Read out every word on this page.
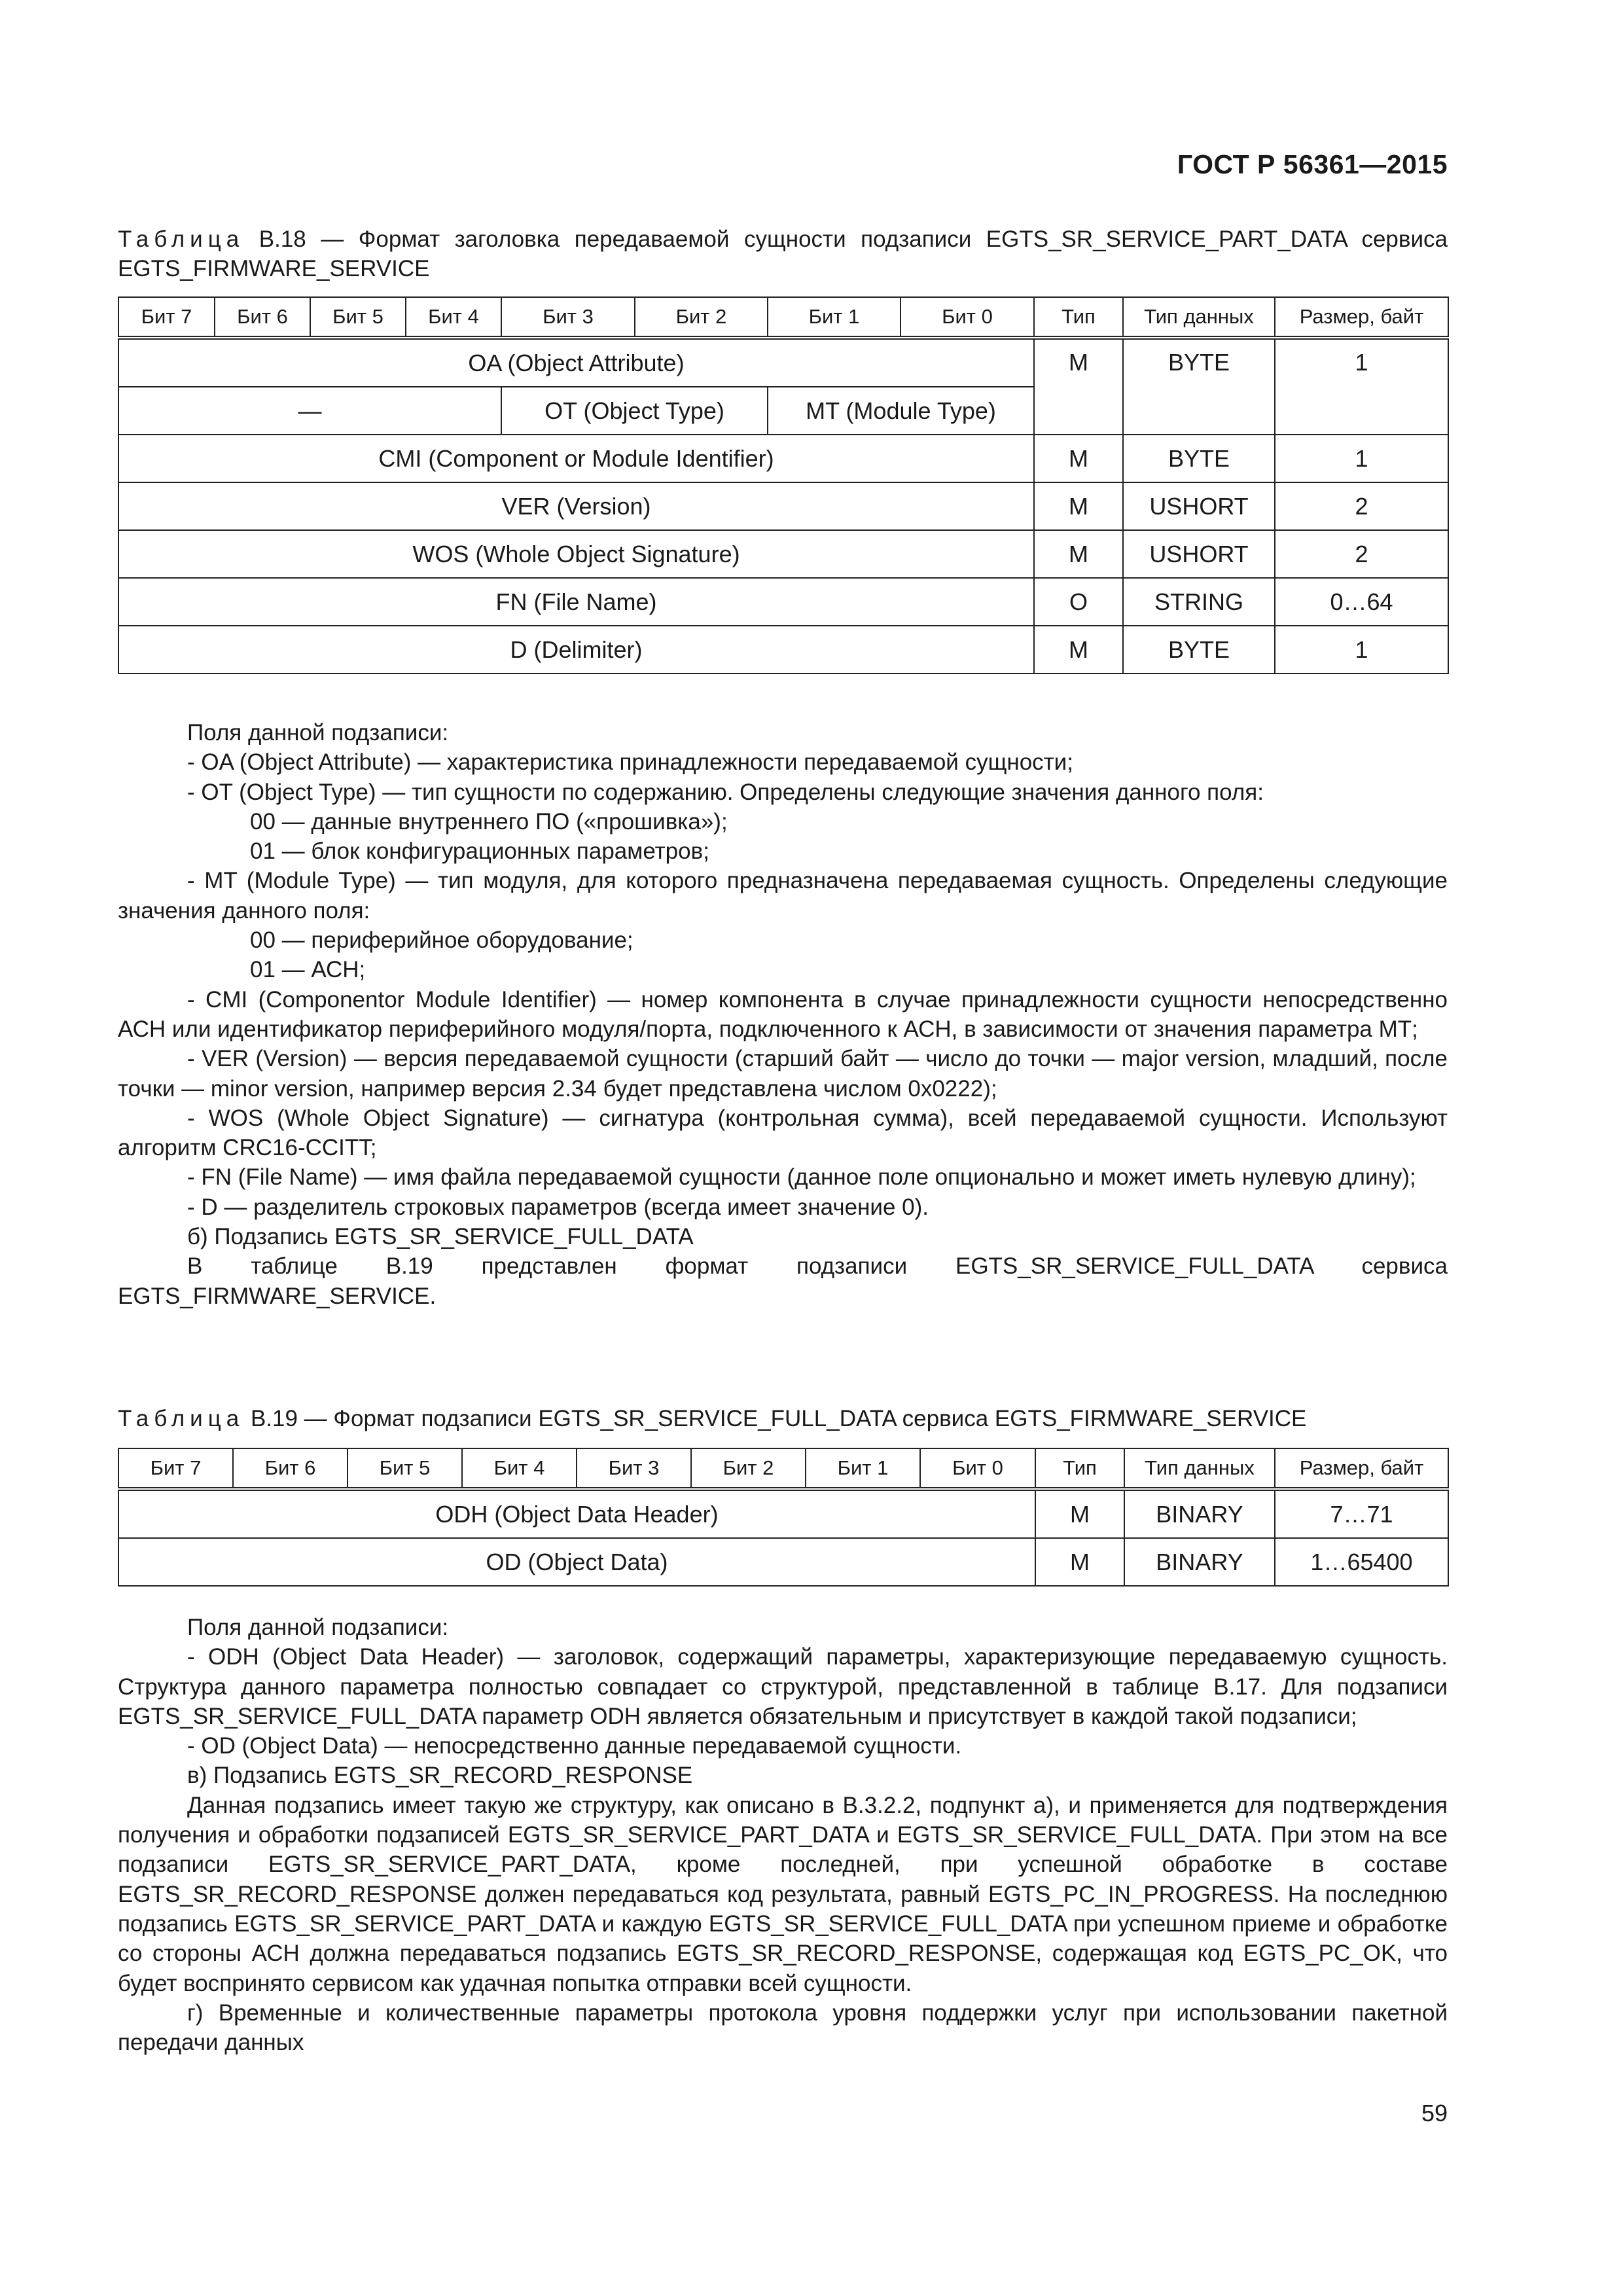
ГОСТ Р 56361—2015
Таблица В.18 — Формат заголовка передаваемой сущности подзаписи EGTS_SR_SERVICE_PART_DATA сервиса EGTS_FIRMWARE_SERVICE
Бит 7	Бит 6	Бит 5	Бит 4	Бит 3	Бит 2	Бит 1	Бит 0	Тип	Тип данных	Размер, байт
OA (Object Attribute)								M	BYTE	1
—				OT (Object Type)		MT (Module Type)				
CMI (Component or Module Identifier)								M	BYTE	1
VER (Version)								M	USHORT	2
WOS (Whole Object Signature)								M	USHORT	2
FN (File Name)								O	STRING	0…64
D (Delimiter)								M	BYTE	1

Поля данной подзаписи:

- OA (Object Attribute) — характеристика принадлежности передаваемой сущности;

- OT (Object Type) — тип сущности по содержанию. Определены следующие значения данного поля:

00 — данные внутреннего ПО («прошивка»);

01 — блок конфигурационных параметров;

- MT (Module Type) — тип модуля, для которого предназначена передаваемая сущность. Определены следующие значения данного поля:

00 — периферийное оборудование;

01 — АСН;

- CMI (Componentor Module Identifier) — номер компонента в случае принадлежности сущности непосредственно АСН или идентификатор периферийного модуля/порта, подключенного к АСН, в зависимости от значения параметра МТ;

- VER (Version) — версия передаваемой сущности (старший байт — число до точки — major version, младший, после точки — minor version, например версия 2.34 будет представлена числом 0x0222);

- WOS (Whole Object Signature) — сигнатура (контрольная сумма), всей передаваемой сущности. Используют алгоритм CRC16-CCITT;

- FN (File Name) — имя файла передаваемой сущности (данное поле опционально и может иметь нулевую длину);

- D — разделитель строковых параметров (всегда имеет значение 0).

б) Подзапись EGTS_SR_SERVICE_FULL_DATA

В таблице В.19 представлен формат подзаписи EGTS_SR_SERVICE_FULL_DATA сервиса EGTS_FIRMWARE_SERVICE.

Таблица В.19 — Формат подзаписи EGTS_SR_SERVICE_FULL_DATA сервиса EGTS_FIRMWARE_SERVICE
Бит 7	Бит 6	Бит 5	Бит 4	Бит 3	Бит 2	Бит 1	Бит 0	Тип	Тип данных	Размер, байт
ODH (Object Data Header)								M	BINARY	7…71
OD (Object Data)								M	BINARY	1…65400

Поля данной подзаписи:

- ODH (Object Data Header) — заголовок, содержащий параметры, характеризующие передаваемую сущность. Структура данного параметра полностью совпадает со структурой, представленной в таблице В.17. Для подзаписи EGTS_SR_SERVICE_FULL_DATA параметр ODH является обязательным и присутствует в каждой такой подзаписи;

- OD (Object Data) — непосредственно данные передаваемой сущности.

в) Подзапись EGTS_SR_RECORD_RESPONSE

Данная подзапись имеет такую же структуру, как описано в В.3.2.2, подпункт а), и применяется для подтверждения получения и обработки подзаписей EGTS_SR_SERVICE_PART_DATA и EGTS_SR_SERVICE_FULL_DATA. При этом на все подзаписи EGTS_SR_SERVICE_PART_DATA, кроме последней, при успешной обработке в составе EGTS_SR_RECORD_RESPONSE должен передаваться код результата, равный EGTS_PC_IN_PROGRESS. На последнюю подзапись EGTS_SR_SERVICE_PART_DATA и каждую EGTS_SR_SERVICE_FULL_DATA при успешном приеме и обработке со стороны АСН должна передаваться подзапись EGTS_SR_RECORD_RESPONSE, содержащая код EGTS_PC_OK, что будет воспринято сервисом как удачная попытка отправки всей сущности.

г) Временные и количественные параметры протокола уровня поддержки услуг при использовании пакетной передачи данных

59
